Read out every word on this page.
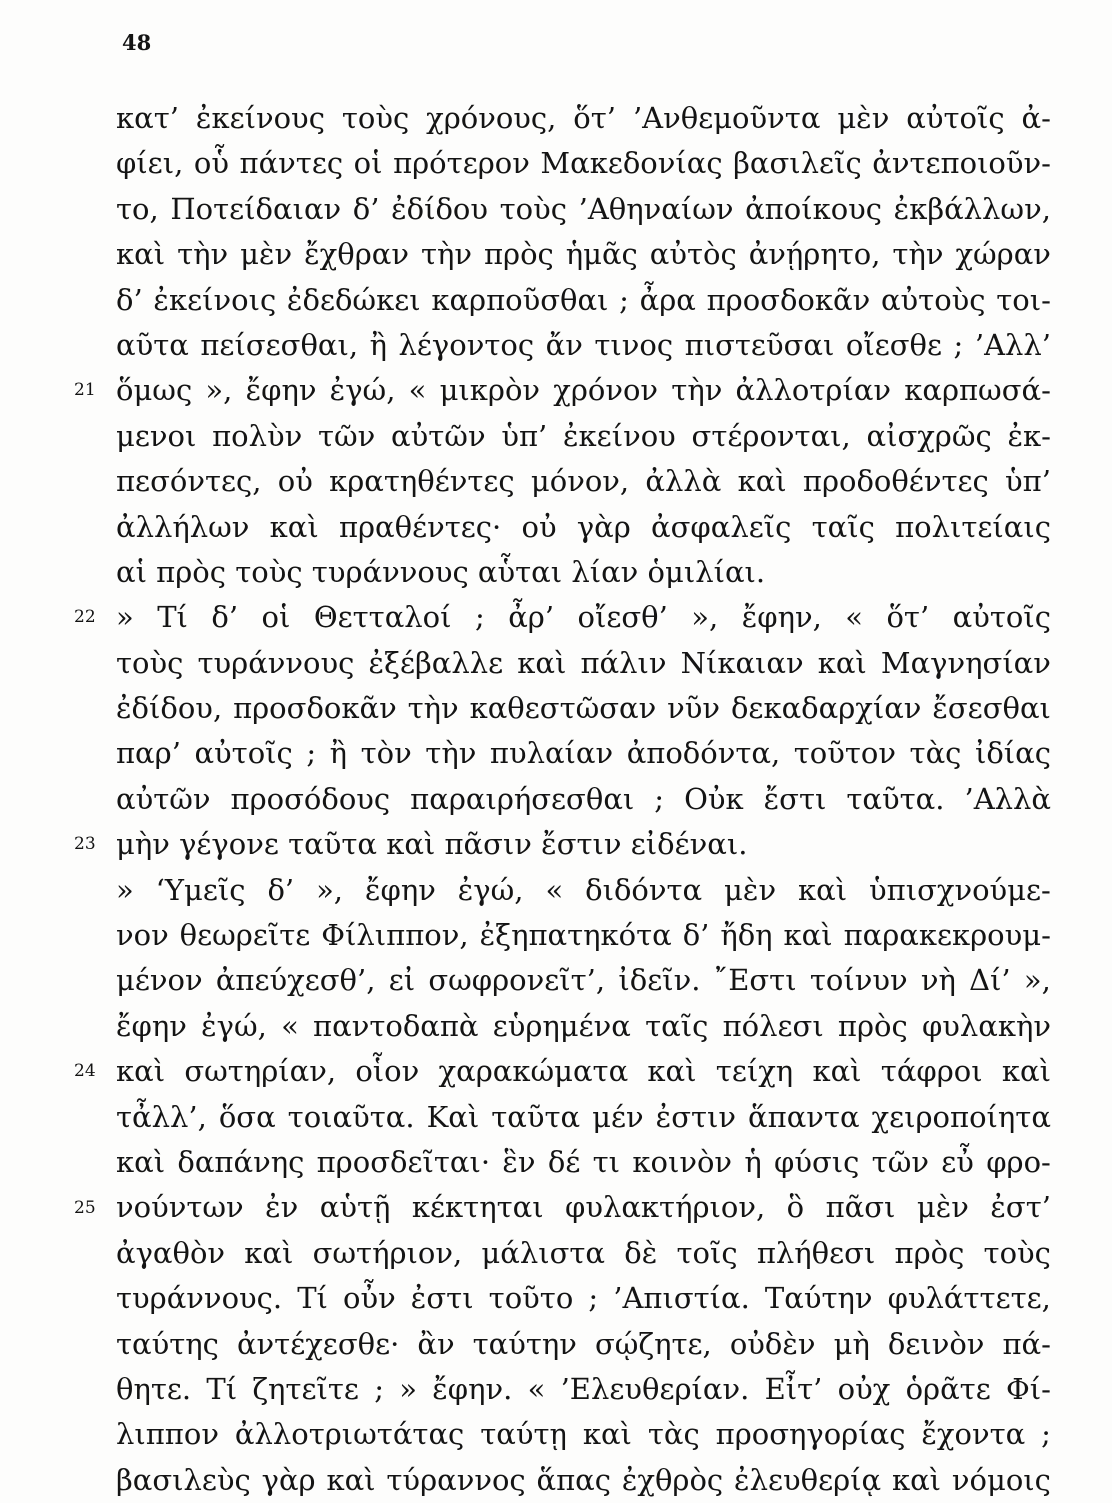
48
21
22
23
24
25
κατ’ ἐκείνους τοὺς χρόνους, ὅτ’ ’Ανθεμοῦντα μὲν αὐτοῖς ἀ-
φίει, οὗ πάντες οἱ πρότερον Μακεδονίας βασιλεῖς ἀντεποιοῦν-
το, Ποτείδαιαν δ’ ἐδίδου τοὺς ’Αθηναίων ἀποίκους ἐκβάλλων,
καὶ τὴν μὲν ἔχθραν τὴν πρὸς ἡμᾶς αὐτὸς ἀνῄρητο, τὴν χώραν
δ’ ἐκείνοις ἐδεδώκει καρποῦσθαι ; ἆρα προσδοκᾶν αὐτοὺς τοι-
αῦτα πείσεσθαι, ἢ λέγοντος ἄν τινος πιστεῦσαι οἴεσθε ; ’Αλλ’
ὅμως », ἔφην ἐγώ, « μικρὸν χρόνον τὴν ἀλλοτρίαν καρπωσά-
μενοι πολὺν τῶν αὐτῶν ὑπ’ ἐκείνου στέρονται, αἰσχρῶς ἐκ-
πεσόντες, οὐ κρατηθέντες μόνον, ἀλλὰ καὶ προδοθέντες ὑπ’
ἀλλήλων καὶ πραθέντες· οὐ γὰρ ἀσφαλεῖς ταῖς πολιτείαις
αἱ πρὸς τοὺς τυράννους αὗται λίαν ὁμιλίαι.
» Τί δ’ οἱ Θετταλοί ; ἆρ’ οἴεσθ’ », ἔφην, « ὅτ’ αὐτοῖς
τοὺς τυράννους ἐξέβαλλε καὶ πάλιν Νίκαιαν καὶ Μαγνησίαν
ἐδίδου, προσδοκᾶν τὴν καθεστῶσαν νῦν δεκαδαρχίαν ἔσεσθαι
παρ’ αὐτοῖς ; ἢ τὸν τὴν πυλαίαν ἀποδόντα, τοῦτον τὰς ἰδίας
αὐτῶν προσόδους παραιρήσεσθαι ; Οὐκ ἔστι ταῦτα. ’Αλλὰ
μὴν γέγονε ταῦτα καὶ πᾶσιν ἔστιν εἰδέναι.
» ‘Υμεῖς δ’ », ἔφην ἐγώ, « διδόντα μὲν καὶ ὑπισχνούμε-
νον θεωρεῖτε Φίλιππον, ἐξηπατηκότα δ’ ἤδη καὶ παρακεκρουμ-
μένον ἀπεύχεσθ’, εἰ σωφρονεῖτ’, ἰδεῖν. ῎Εστι τοίνυν νὴ Δί’ »,
ἔφην ἐγώ, « παντοδαπὰ εὑρημένα ταῖς πόλεσι πρὸς φυλακὴν
καὶ σωτηρίαν, οἷον χαρακώματα καὶ τείχη καὶ τάφροι καὶ
τἆλλ’, ὅσα τοιαῦτα. Καὶ ταῦτα μέν ἐστιν ἅπαντα χειροποίητα
καὶ δαπάνης προσδεῖται· ἓν δέ τι κοινὸν ἡ φύσις τῶν εὖ φρο-
νούντων ἐν αὑτῇ κέκτηται φυλακτήριον, ὃ πᾶσι μὲν ἐστ’
ἀγαθὸν καὶ σωτήριον, μάλιστα δὲ τοῖς πλήθεσι πρὸς τοὺς
τυράννους. Τί οὖν ἐστι τοῦτο ; ’Απιστία. Ταύτην φυλάττετε,
ταύτης ἀντέχεσθε· ἂν ταύτην σῴζητε, οὐδὲν μὴ δεινὸν πά-
θητε. Τί ζητεῖτε ; » ἔφην. « ’Ελευθερίαν. Εἶτ’ οὐχ ὁρᾶτε Φί-
λιππον ἀλλοτριωτάτας ταύτῃ καὶ τὰς προσηγορίας ἔχοντα ;
βασιλεὺς γὰρ καὶ τύραννος ἅπας ἐχθρὸς ἐλευθερίᾳ καὶ νόμοις
